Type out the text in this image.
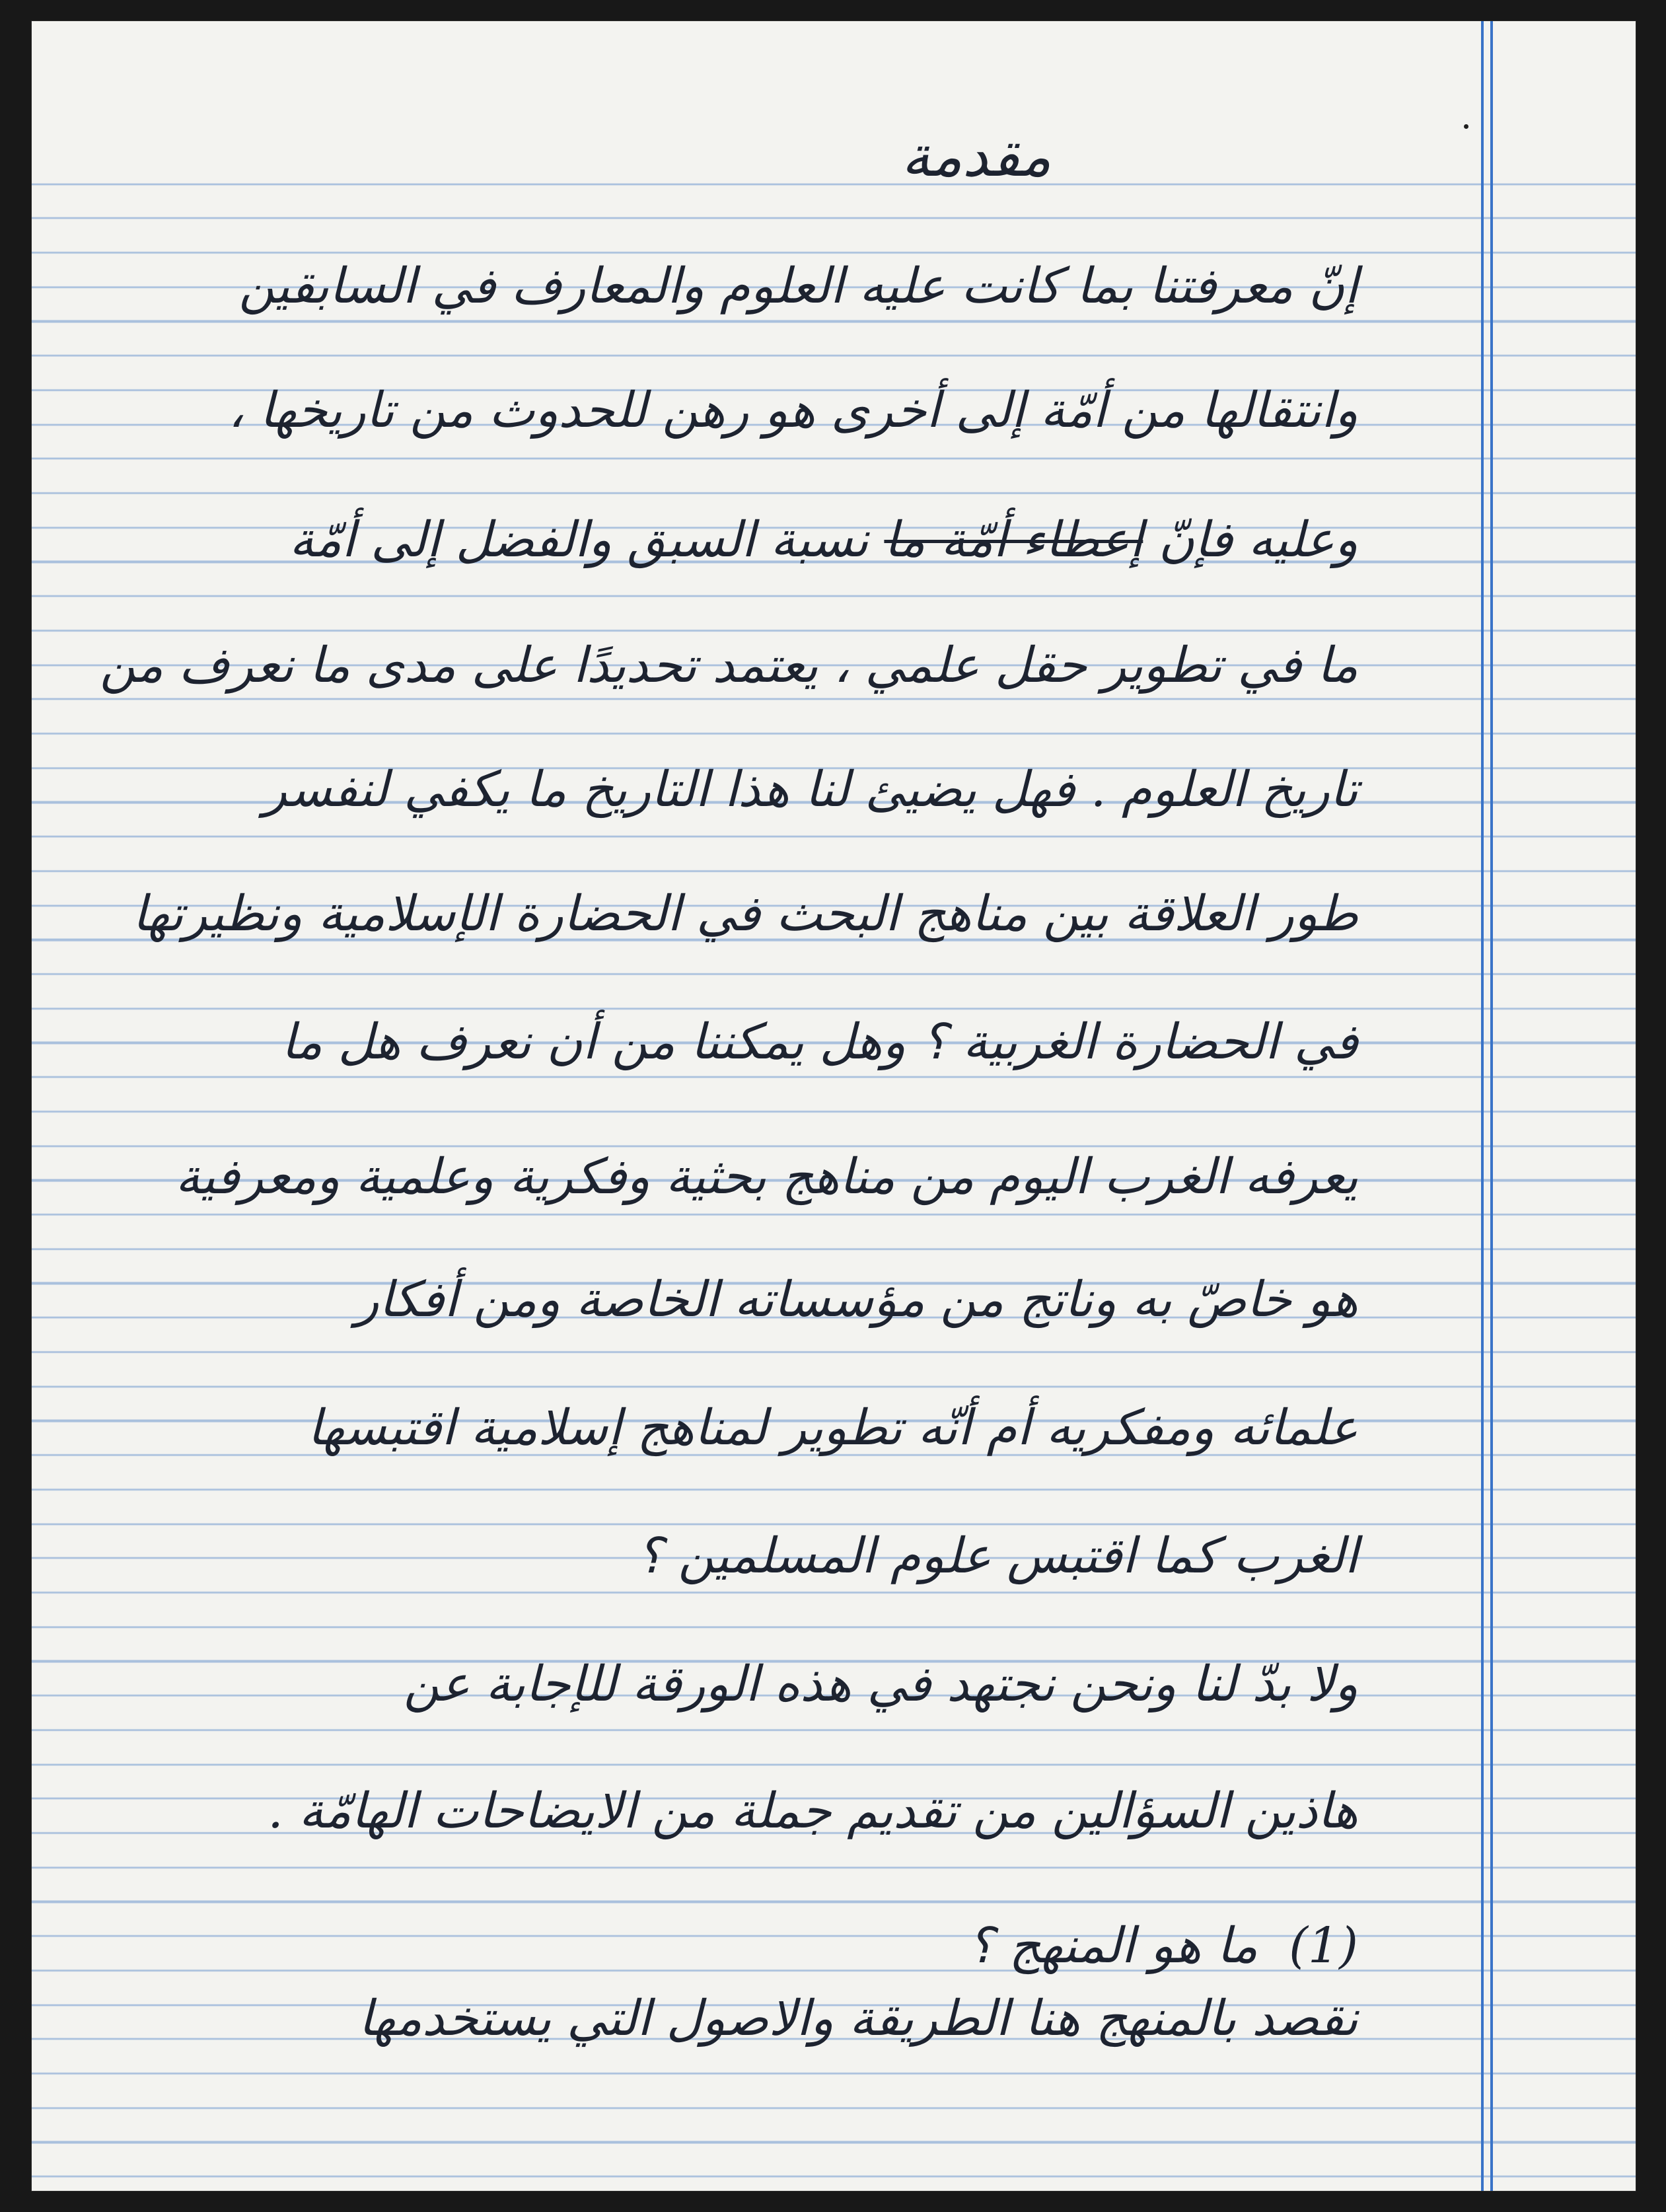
مقدمة
إنّ معرفتنا بما كانت عليه العلوم والمعارف في السابقين
وانتقالها من أمّة إلى أخرى هو رهن للحدوث من تاريخها ،
وعليه فإنّ إعطاء أمّة ما نسبة السبق والفضل إلى أمّة
ما في تطوير حقل علمي ، يعتمد تحديدًا على مدى ما نعرف من
تاريخ العلوم . فهل يضيئ لنا هذا التاريخ ما يكفي لنفسر
طور العلاقة بين مناهج البحث في الحضارة الإسلامية ونظيرتها
في الحضارة الغربية ؟ وهل يمكننا من أن نعرف هل ما
يعرفه الغرب اليوم من مناهج بحثية وفكرية وعلمية ومعرفية
هو خاصّ به وناتج من مؤسساته الخاصة ومن أفكار
علمائه ومفكريه أم أنّه تطوير لمناهج إسلامية اقتبسها
الغرب كما اقتبس علوم المسلمين ؟
ولا بدّ لنا ونحن نجتهد في هذه الورقة للإجابة عن
هاذين السؤالين من تقديم جملة من الايضاحات الهامّة .
(1)  ما هو المنهج ؟
نقصد بالمنهج هنا الطريقة والاصول التي يستخدمها
